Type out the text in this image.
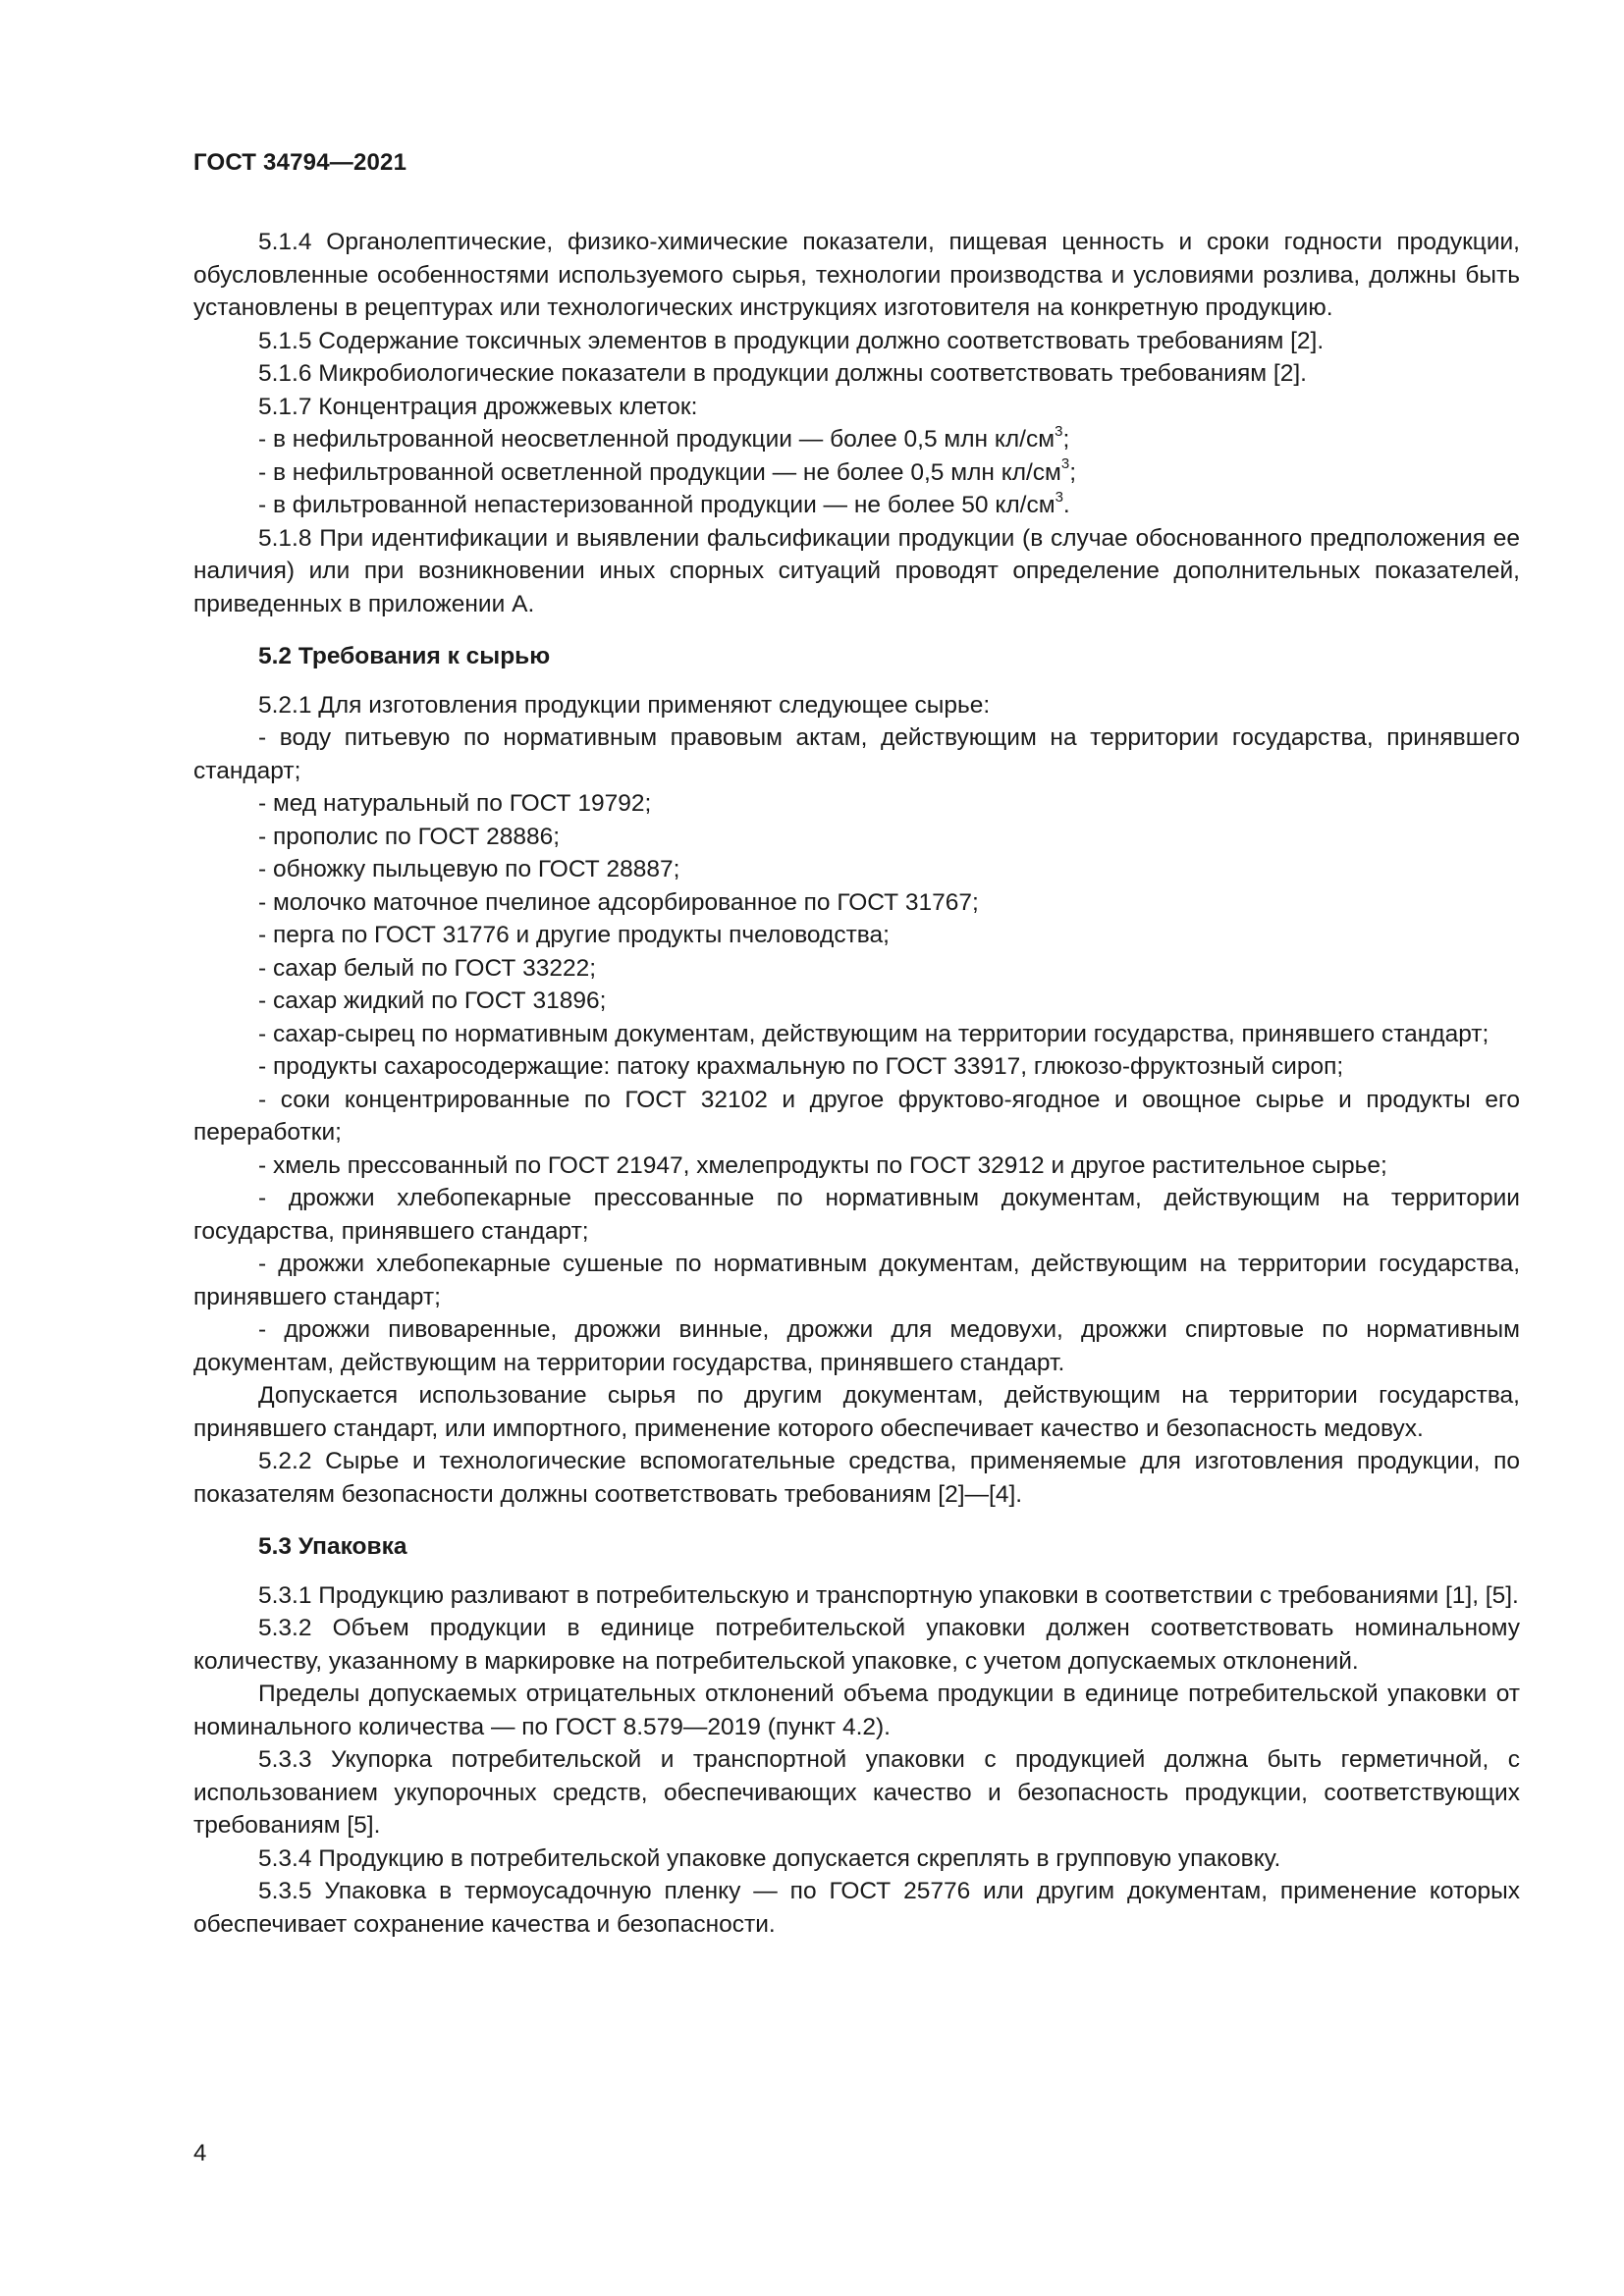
ГОСТ 34794—2021

5.1.4 Органолептические, физико-химические показатели, пищевая ценность и сроки годности продукции, обусловленные особенностями используемого сырья, технологии производства и условиями розлива, должны быть установлены в рецептурах или технологических инструкциях изготовителя на конкретную продукцию.

5.1.5 Содержание токсичных элементов в продукции должно соответствовать требованиям [2].

5.1.6 Микробиологические показатели в продукции должны соответствовать требованиям [2].

5.1.7 Концентрация дрожжевых клеток:

- в нефильтрованной неосветленной продукции — более 0,5 млн $кл/см^3$;

- в нефильтрованной осветленной продукции — не более 0,5 млн $кл/см^3$;

- в фильтрованной непастеризованной продукции — не более 50 $кл/см^3$.

5.1.8 При идентификации и выявлении фальсификации продукции (в случае обоснованного предположения ее наличия) или при возникновении иных спорных ситуаций проводят определение дополнительных показателей, приведенных в приложении А.

5.2 Требования к сырью

5.2.1 Для изготовления продукции применяют следующее сырье:

- воду питьевую по нормативным правовым актам, действующим на территории государства, принявшего стандарт;

- мед натуральный по ГОСТ 19792;

- прополис по ГОСТ 28886;

- обножку пыльцевую по ГОСТ 28887;

- молочко маточное пчелиное адсорбированное по ГОСТ 31767;

- перга по ГОСТ 31776 и другие продукты пчеловодства;

- сахар белый по ГОСТ 33222;

- сахар жидкий по ГОСТ 31896;

- сахар-сырец по нормативным документам, действующим на территории государства, принявшего стандарт;

- продукты сахаросодержащие: патоку крахмальную по ГОСТ 33917, глюкозо-фруктозный сироп;

- соки концентрированные по ГОСТ 32102 и другое фруктово-ягодное и овощное сырье и продукты его переработки;

- хмель прессованный по ГОСТ 21947, хмелепродукты по ГОСТ 32912 и другое растительное сырье;

- дрожжи хлебопекарные прессованные по нормативным документам, действующим на территории государства, принявшего стандарт;

- дрожжи хлебопекарные сушеные по нормативным документам, действующим на территории государства, принявшего стандарт;

- дрожжи пивоваренные, дрожжи винные, дрожжи для медовухи, дрожжи спиртовые по нормативным документам, действующим на территории государства, принявшего стандарт.

Допускается использование сырья по другим документам, действующим на территории государства, принявшего стандарт, или импортного, применение которого обеспечивает качество и безопасность медовух.

5.2.2 Сырье и технологические вспомогательные средства, применяемые для изготовления продукции, по показателям безопасности должны соответствовать требованиям [2]—[4].

5.3 Упаковка

5.3.1 Продукцию разливают в потребительскую и транспортную упаковки в соответствии с требованиями [1], [5].

5.3.2 Объем продукции в единице потребительской упаковки должен соответствовать номинальному количеству, указанному в маркировке на потребительской упаковке, с учетом допускаемых отклонений.

Пределы допускаемых отрицательных отклонений объема продукции в единице потребительской упаковки от номинального количества — по ГОСТ 8.579—2019 (пункт 4.2).

5.3.3 Укупорка потребительской и транспортной упаковки с продукцией должна быть герметичной, с использованием укупорочных средств, обеспечивающих качество и безопасность продукции, соответствующих требованиям [5].

5.3.4 Продукцию в потребительской упаковке допускается скреплять в групповую упаковку.

5.3.5 Упаковка в термоусадочную пленку — по ГОСТ 25776 или другим документам, применение которых обеспечивает сохранение качества и безопасности.

4
